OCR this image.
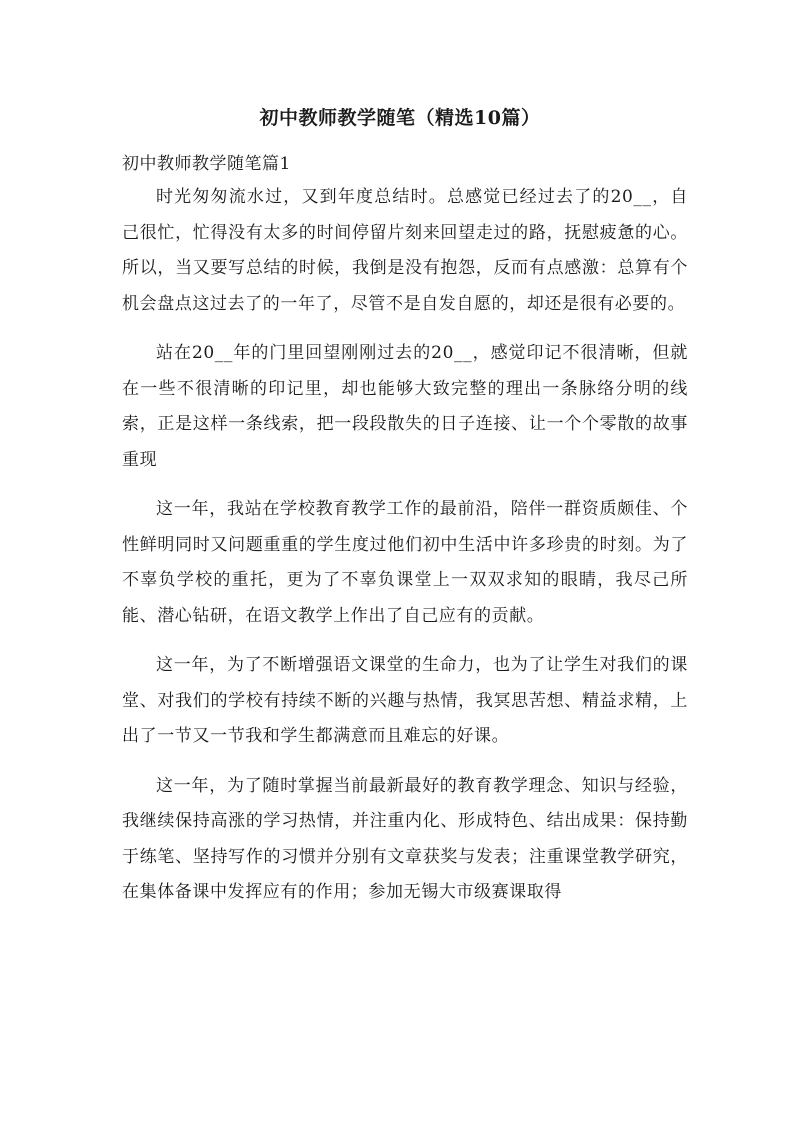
初中教师教学随笔（精选10篇）
初中教师教学随笔篇1

时光匆匆流水过，又到年度总结时。总感觉已经过去了的20__，自己很忙，忙得没有太多的时间停留片刻来回望走过的路，抚慰疲惫的心。所以，当又要写总结的时候，我倒是没有抱怨，反而有点感激：总算有个机会盘点这过去了的一年了，尽管不是自发自愿的，却还是很有必要的。

站在20__年的门里回望刚刚过去的20__，感觉印记不很清晰，但就在一些不很清晰的印记里，却也能够大致完整的理出一条脉络分明的线索，正是这样一条线索，把一段段散失的日子连接、让一个个零散的故事重现

这一年，我站在学校教育教学工作的最前沿，陪伴一群资质颇佳、个性鲜明同时又问题重重的学生度过他们初中生活中许多珍贵的时刻。为了不辜负学校的重托，更为了不辜负课堂上一双双求知的眼睛，我尽己所能、潜心钻研，在语文教学上作出了自己应有的贡献。

这一年，为了不断增强语文课堂的生命力，也为了让学生对我们的课堂、对我们的学校有持续不断的兴趣与热情，我冥思苦想、精益求精，上出了一节又一节我和学生都满意而且难忘的好课。

这一年，为了随时掌握当前最新最好的教育教学理念、知识与经验，我继续保持高涨的学习热情，并注重内化、形成特色、结出成果：保持勤于练笔、坚持写作的习惯并分别有文章获奖与发表；注重课堂教学研究，在集体备课中发挥应有的作用；参加无锡大市级赛课取得
